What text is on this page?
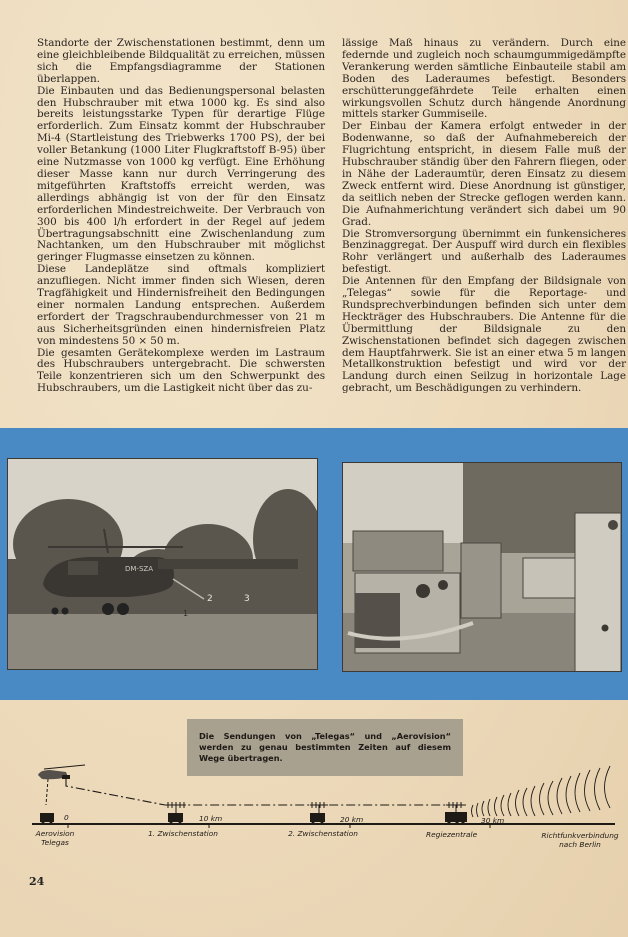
Standorte der Zwischenstationen bestimmt, denn um eine gleichbleibende Bildqualität zu erreichen, müssen sich die Empfangsdiagramme der Stationen überlappen.

Die Einbauten und das Bedienungspersonal belasten den Hubschrauber mit etwa 1000 kg. Es sind also bereits leistungsstarke Typen für derartige Flüge erforderlich. Zum Einsatz kommt der Hubschrauber Mi-4 (Startleistung des Triebwerks 1700 PS), der bei voller Betankung (1000 Liter Flugkraftstoff B-95) über eine Nutzmasse von 1000 kg verfügt. Eine Erhöhung dieser Masse kann nur durch Verringerung des mitgeführten Kraftstoffs erreicht werden, was allerdings abhängig ist von der für den Einsatz erforderlichen Mindestreichweite. Der Verbrauch von 300 bis 400 l/h erfordert in der Regel auf jedem Übertragungsabschnitt eine Zwischenlandung zum Nachtanken, um den Hubschrauber mit möglichst geringer Flugmasse einsetzen zu können.

Diese Landeplätze sind oftmals kompliziert anzufliegen. Nicht immer finden sich Wiesen, deren Tragfähigkeit und Hindernisfreiheit den Bedingungen einer normalen Landung entsprechen. Außerdem erfordert der Tragschraubendurchmesser von 21 m aus Sicherheitsgründen einen hindernisfreien Platz von mindestens 50 × 50 m.

Die gesamten Gerätekomplexe werden im Lastraum des Hubschraubers untergebracht. Die schwersten Teile konzentrieren sich um den Schwerpunkt des Hubschraubers, um die Lastigkeit nicht über das zu-

lässige Maß hinaus zu verändern. Durch eine federnde und zugleich noch schaumgummigedämpfte Verankerung werden sämtliche Einbauteile stabil am Boden des Laderaumes befestigt. Besonders erschütterunggefährdete Teile erhalten einen wirkungsvollen Schutz durch hängende Anordnung mittels starker Gummiseile.

Der Einbau der Kamera erfolgt entweder in der Bodenwanne, so daß der Aufnahmebereich der Flugrichtung entspricht, in diesem Falle muß der Hubschrauber ständig über den Fahrern fliegen, oder in Nähe der Laderaumtür, deren Einsatz zu diesem Zweck entfernt wird. Diese Anordnung ist günstiger, da seitlich neben der Strecke geflogen werden kann. Die Aufnahmerichtung verändert sich dabei um 90 Grad.

Die Stromversorgung übernimmt ein funkensicheres Benzinaggregat. Der Auspuff wird durch ein flexibles Rohr verlängert und außerhalb des Laderaumes befestigt.

Die Antennen für den Empfang der Bildsignale von „Telegas“ sowie für die Reportage- und Rundsprechverbindungen befinden sich unter dem Heckträger des Hubschraubers. Die Antenne für die Übermittlung der Bildsignale zu den Zwischenstationen befindet sich dagegen zwischen dem Hauptfahrwerk. Sie ist an einer etwa 5 m langen Metallkonstruktion befestigt und wird vor der Landung durch einen Seilzug in horizontale Lage gebracht, um Beschädigungen zu verhindern.

DM-SZA
1
2	3
Die Sendungen von „Telegas“ und „Aerovision“ werden zu genau bestimmten Zeiten auf diesem Wege übertragen.
0	10 km	20 km	30 km
Aerovision
Telegas
1. Zwischenstation	2. Zwischenstation	Regiezentrale	Richtfunkverbindung
nach Berlin
24
